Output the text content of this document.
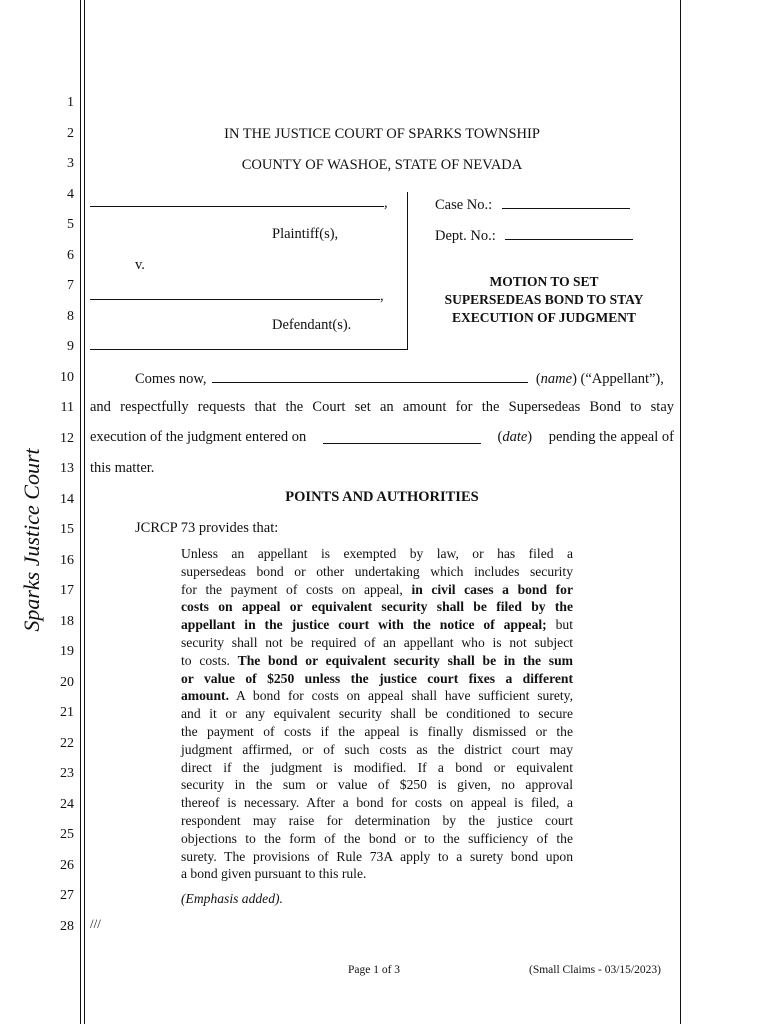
Sparks Justice Court
1
2
3
4
5
6
7
8
9
10
11
12
13
14
15
16
17
18
19
20
21
22
23
24
25
26
27
28
IN THE JUSTICE COURT OF SPARKS TOWNSHIP
COUNTY OF WASHOE, STATE OF NEVADA
,
Plaintiff(s),
v.
,
Defendant(s).
Case No.:
Dept. No.:
MOTION TO SET
SUPERSEDEAS BOND TO STAY
EXECUTION OF JUDGMENT
Comes now,	(name) (“Appellant”),
and respectfully requests that the Court set an amount for the Supersedeas Bond to stay
execution of the judgment entered on	(date) pending the appeal of
this matter.
POINTS AND AUTHORITIES
JCRCP 73 provides that:
Unless an appellant is exempted by law, or has filed a
supersedeas bond or other undertaking which includes security
for the payment of costs on appeal, in civil cases a bond for
costs on appeal or equivalent security shall be filed by the
appellant in the justice court with the notice of appeal; but
security shall not be required of an appellant who is not subject
to costs. The bond or equivalent security shall be in the sum
or value of $250 unless the justice court fixes a different
amount. A bond for costs on appeal shall have sufficient surety,
and it or any equivalent security shall be conditioned to secure
the payment of costs if the appeal is finally dismissed or the
judgment affirmed, or of such costs as the district court may
direct if the judgment is modified. If a bond or equivalent
security in the sum or value of $250 is given, no approval
thereof is necessary. After a bond for costs on appeal is filed, a
respondent may raise for determination by the justice court
objections to the form of the bond or to the sufficiency of the
surety. The provisions of Rule 73A apply to a surety bond upon
a bond given pursuant to this rule.
(Emphasis added).
///
Page 1 of 3	(Small Claims - 03/15/2023)
